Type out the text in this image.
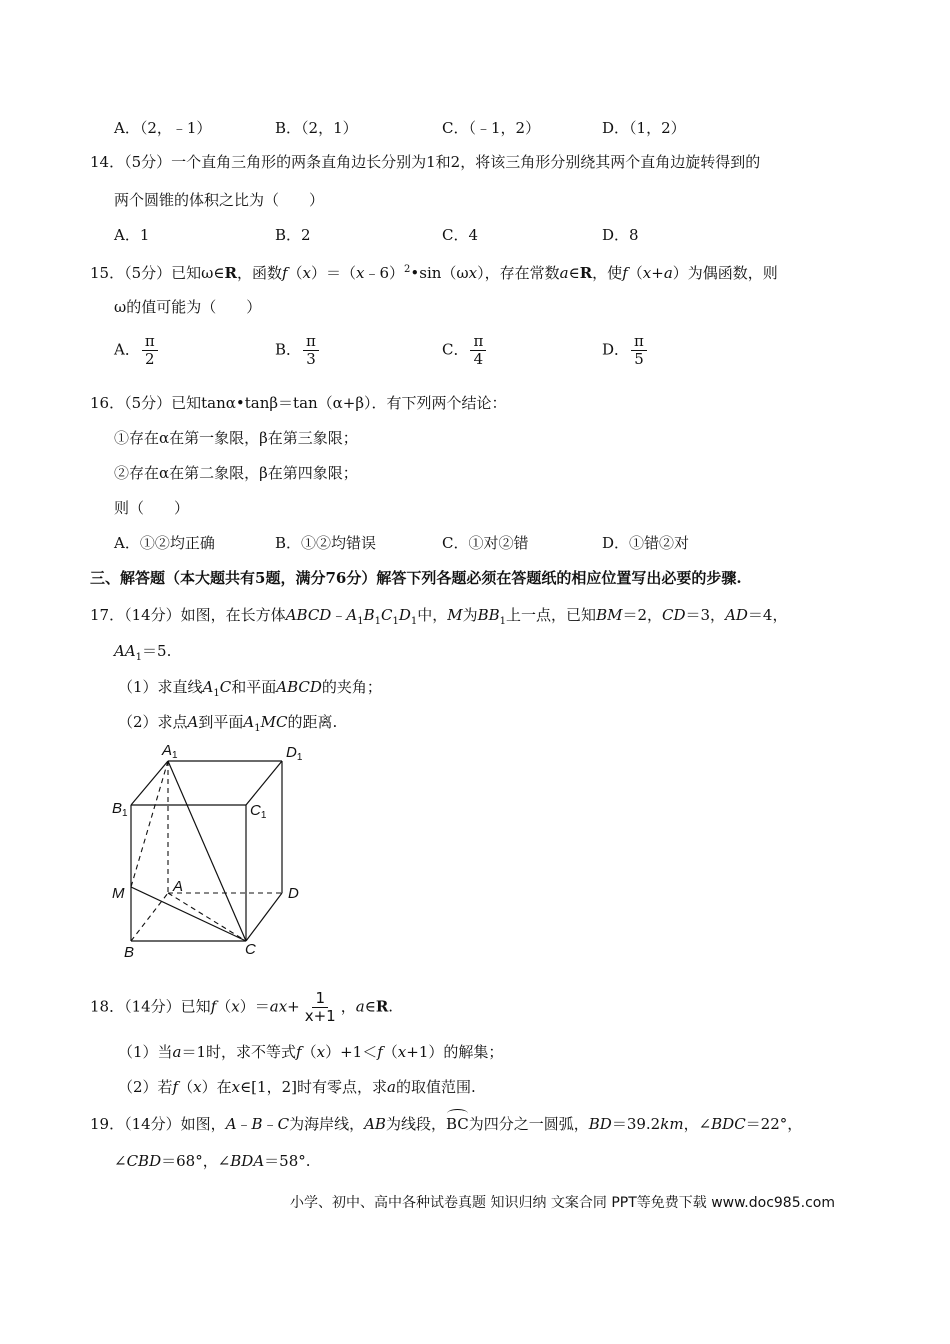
A．（2，﹣1）	B．（2，1）	C．（﹣1，2）	D．（1，2）
14．（5分）一个直角三角形的两条直角边长分别为1和2，将该三角形分别绕其两个直角边旋转得到的
两个圆锥的体积之比为（　　）
A．1	B．2	C．4	D．8
15．（5分）已知ω∈R，函数f（x）＝（x﹣6）$^2$•sin（ωx），存在常数a∈R，使f（x+a）为偶函数，则
ω的值可能为（　　）
A． $\frac{\pi}{2}$	B． $\frac{\pi}{3}$	C． $\frac{\pi}{4}$	D． $\frac{\pi}{5}$
16．（5分）已知tanα•tanβ＝tan（α+β）．有下列两个结论：
①存在α在第一象限，β在第三象限；
②存在α在第二象限，β在第四象限；
则（　　）
A．①②均正确	B．①②均错误	C．①对②错	D．①错②对
三、解答题（本大题共有5题，满分76分）解答下列各题必须在答题纸的相应位置写出必要的步骤.
17．（14分）如图，在长方体$ABCD﹣A_1B_1C_1D_1$中，M为$BB_1$上一点，已知BM＝2，CD＝3，AD＝4，
$AA_1=5$.
（1）求直线$A_1C$和平面ABCD的夹角；
（2）求点A到平面$A_1MC$的距离.
$A_1$	$D_1$
$B_1$	$C_1$
M	A	D
B	C
18．（14分）已知$f(x)=ax+ \frac{1}{x+1}$ ，a∈R.
（1）当a＝1时，求不等式f（x）+1＜f（x+1）的解集；
（2）若f（x）在x∈[1，2]时有零点，求a的取值范围.
19．（14分）如图，A﹣B﹣C为海岸线，AB为线段，BC为四分之一圆弧，BD＝39.2km，∠BDC＝22°，
∠CBD＝68°，∠BDA＝58°.
小学、初中、高中各种试卷真题 知识归纳 文案合同 PPT等免费下载 www.doc985.com
